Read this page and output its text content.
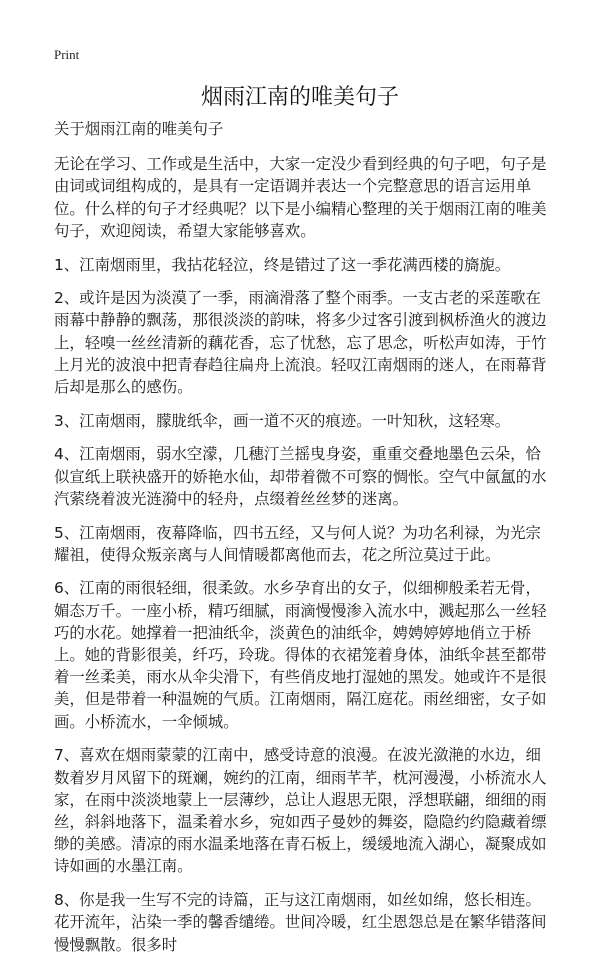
Print
烟雨江南的唯美句子

关于烟雨江南的唯美句子

无论在学习、工作或是生活中，大家一定没少看到经典的句子吧，句子是由词或词组构成的，是具有一定语调并表达一个完整意思的语言运用单位。什么样的句子才经典呢？以下是小编精心整理的关于烟雨江南的唯美句子，欢迎阅读，希望大家能够喜欢。

1、江南烟雨里，我拈花轻泣，终是错过了这一季花满西楼的旖旎。

2、或许是因为淡漠了一季，雨滴滑落了整个雨季。一支古老的采莲歌在雨幕中静静的飘荡，那很淡淡的韵味，将多少过客引渡到枫桥渔火的渡边上，轻嗅一丝丝清新的藕花香，忘了忧愁，忘了思念，听松声如涛，于竹上月光的波浪中把青春趋往扁舟上流浪。轻叹江南烟雨的迷人，在雨幕背后却是那么的感伤。

3、江南烟雨，朦胧纸伞，画一道不灭的痕迹。一叶知秋，这轻寒。

4、江南烟雨，弱水空濛，几穗汀兰摇曳身姿，重重交叠地墨色云朵，恰似宣纸上联袂盛开的娇艳水仙，却带着微不可察的惆怅。空气中氤氲的水汽萦绕着波光涟漪中的轻舟，点缀着丝丝梦的迷离。

5、江南烟雨，夜幕降临，四书五经，又与何人说？为功名利禄，为光宗耀祖，使得众叛亲离与人间情暖都离他而去，花之所泣莫过于此。

6、江南的雨很轻细，很柔敛。水乡孕育出的女子，似细柳般柔若无骨，媚态万千。一座小桥，精巧细腻，雨滴慢慢渗入流水中，溅起那么一丝轻巧的水花。她撑着一把油纸伞，淡黄色的油纸伞，娉娉婷婷地俏立于桥上。她的背影很美，纤巧，玲珑。得体的衣裙笼着身体，油纸伞甚至都带着一丝柔美，雨水从伞尖滑下，有些俏皮地打湿她的黑发。她或许不是很美，但是带着一种温婉的气质。江南烟雨，隔江庭花。雨丝细密，女子如画。小桥流水，一伞倾城。

7、喜欢在烟雨蒙蒙的江南中，感受诗意的浪漫。在波光潋滟的水边，细数着岁月风留下的斑斓，婉约的江南，细雨芊芊，枕河漫漫，小桥流水人家，在雨中淡淡地蒙上一层薄纱，总让人遐思无限，浮想联翩，细细的雨丝，斜斜地落下，温柔着水乡，宛如西子曼妙的舞姿，隐隐约约隐藏着缥缈的美感。清凉的雨水温柔地落在青石板上，缓缓地流入湖心，凝聚成如诗如画的水墨江南。

8、你是我一生写不完的诗篇，正与这江南烟雨，如丝如绵，悠长相连。花开流年，沾染一季的馨香缱绻。世间冷暖，红尘恩怨总是在繁华错落间慢慢飘散。很多时
